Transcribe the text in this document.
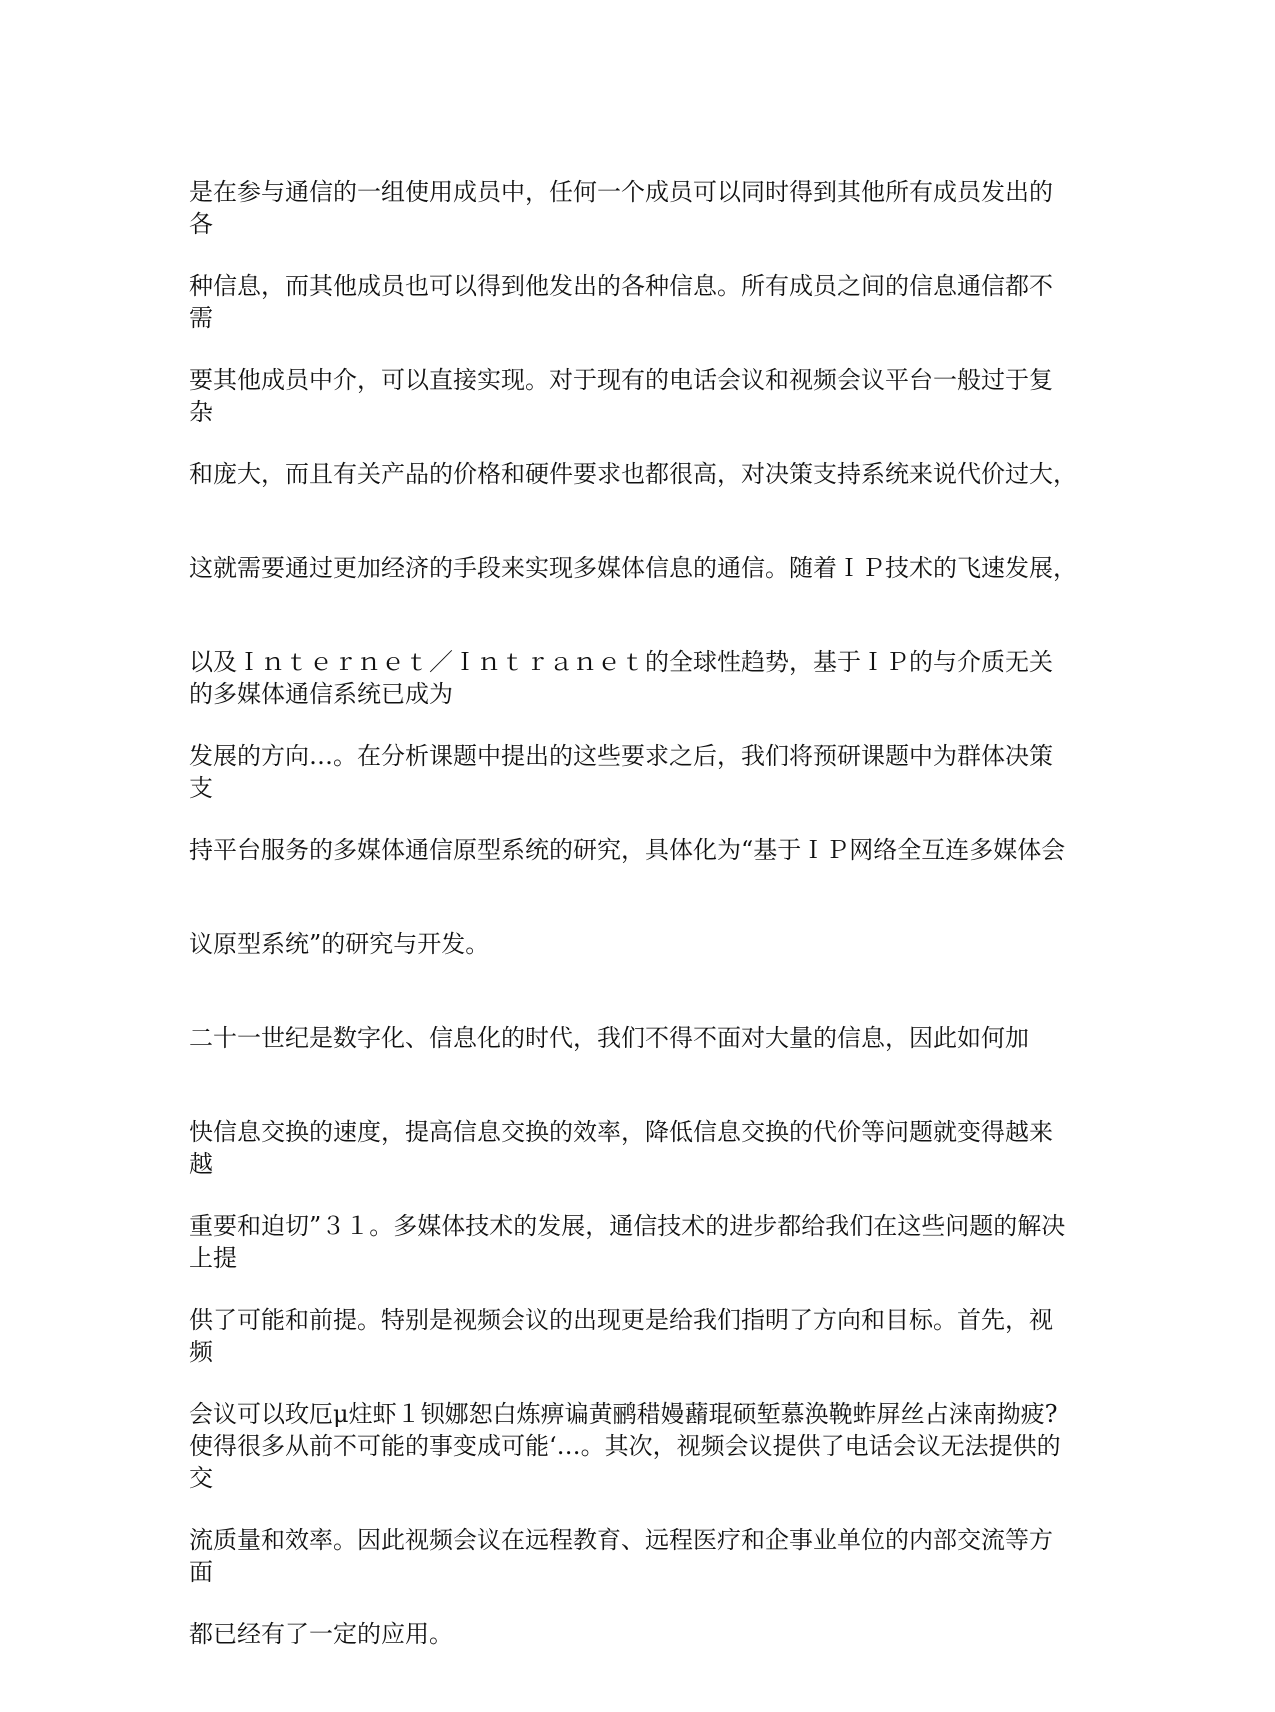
是在参与通信的一组使用成员中，任何一个成员可以同时得到其他所有成员发出的
各
种信息，而其他成员也可以得到他发出的各种信息。所有成员之间的信息通信都不
需
要其他成员中介，可以直接实现。对于现有的电话会议和视频会议平台一般过于复
杂
和庞大，而且有关产品的价格和硬件要求也都很高，对决策支持系统来说代价过大，
这就需要通过更加经济的手段来实现多媒体信息的通信。随着ＩＰ技术的飞速发展，
以及Ｉｎｔｅｒｎｅｔ／Ｉｎｔｒａｎｅｔ的全球性趋势，基于ＩＰ的与介质无关
的多媒体通信系统已成为
发展的方向…。在分析课题中提出的这些要求之后，我们将预研课题中为群体决策
支
持平台服务的多媒体通信原型系统的研究，具体化为“基于ＩＰ网络全互连多媒体会
议原型系统”的研究与开发。
二十一世纪是数字化、信息化的时代，我们不得不面对大量的信息，因此如何加
快信息交换的速度，提高信息交换的效率，降低信息交换的代价等问题就变得越来
越
重要和迫切”３１。多媒体技术的发展，通信技术的进步都给我们在这些问题的解决
上提
供了可能和前提。特别是视频会议的出现更是给我们指明了方向和目标。首先，视
频
会议可以玫厄μ炷虾１钡娜恕白炼痹谝黄鹂稓嫚蘛琨硕堑慕涣鞔蚱屏丝占涞南拗疲?
使得很多从前不可能的事变成可能‘…。其次，视频会议提供了电话会议无法提供的
交
流质量和效率。因此视频会议在远程教育、远程医疗和企事业单位的内部交流等方
面
都已经有了一定的应用。
